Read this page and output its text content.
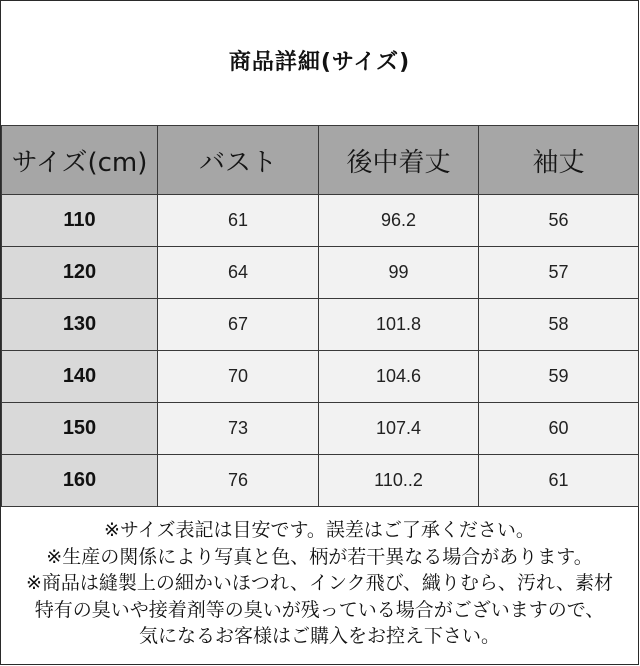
商品詳細(サイズ)
サイズ(cm)	バスト	後中着丈	袖丈
110	61	96.2	56
120	64	99	57
130	67	101.8	58
140	70	104.6	59
150	73	107.4	60
160	76	110..2	61
※サイズ表記は目安です。誤差はご了承ください。
※生産の関係により写真と色、柄が若干異なる場合があります。
※商品は縫製上の細かいほつれ、インク飛び、織りむら、汚れ、素材
特有の臭いや接着剤等の臭いが残っている場合がございますので、
気になるお客様はご購入をお控え下さい。
